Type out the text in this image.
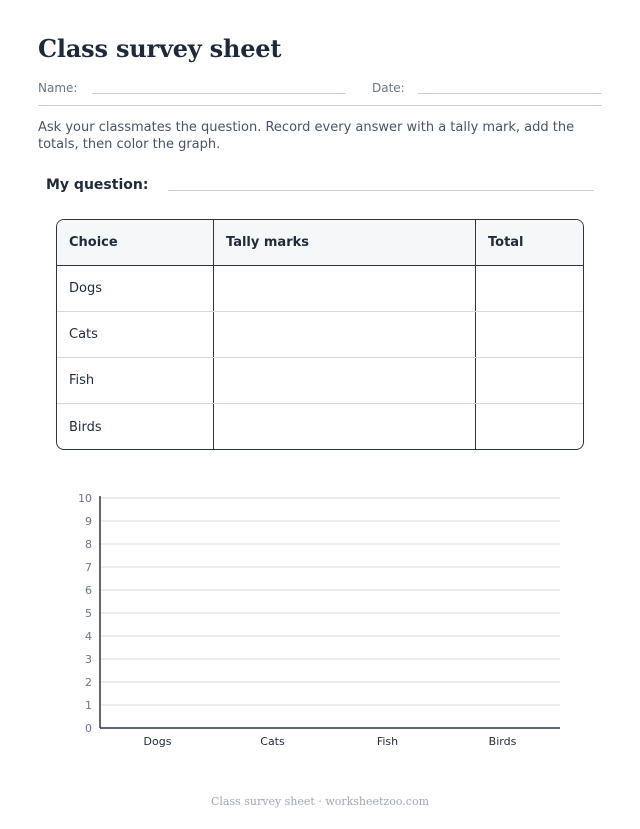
Class survey sheet
Name:	Date:
Ask your classmates the question. Record every answer with a tally mark, add the totals, then color the graph.
My question:
Choice	Tally marks	Total
Dogs
Cats
Fish
Birds
0
1
2
3
4
5
6
7
8
9
10
Dogs	Cats	Fish	Birds
Class survey sheet · worksheetzoo.com
